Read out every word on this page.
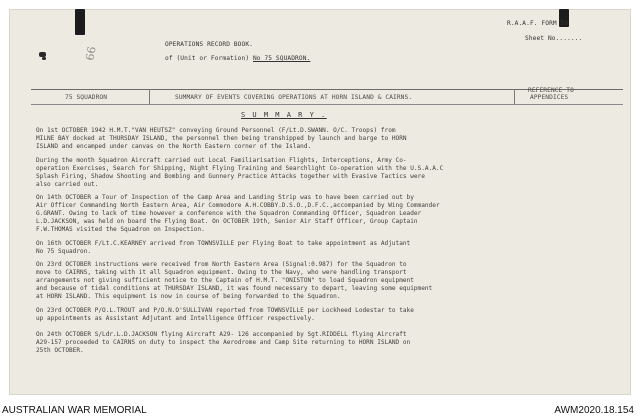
66
R.A.A.F. FORM 50
Sheet No.......
OPERATIONS RECORD BOOK.
of (Unit or Formation) No 75 SQUADRON.
75 SQUADRON	SUMMARY OF EVENTS COVERING OPERATIONS AT HORN ISLAND & CAIRNS.
REFERENCE TO
APPENDICES
S U M M A R Y .
On 1st OCTOBER 1942 H.M.T."VAN HEUTSZ" conveying Ground Personnel (F/Lt.D.SWANN. O/C. Troops) from
MILNE BAY docked at THURSDAY ISLAND, the personnel then being transhipped by launch and barge to HORN
ISLAND and encamped under canvas on the North Eastern corner of the Island.
During the month Squadron Aircraft carried out Local Familiarisation Flights, Interceptions, Army Co-
operation Exercises, Search for Shipping, Night Flying Training and Searchlight Co-operation with the U.S.A.A.C
Splash Firing, Shadow Shooting and Bombing and Gunnery Practice Attacks together with Evasive Tactics were
also carried out.
On 14th OCTOBER a Tour of Inspection of the Camp Area and Landing Strip was to have been carried out by
Air Officer Commanding North Eastern Area, Air Commodore A.H.COBBY.D.S.O.,D.F.C.,accompanied by Wing Commander
G.GRANT. Owing to lack of time however a conference with the Squadron Commanding Officer, Squadron Leader
L.D.JACKSON, was held on board the Flying Boat. On OCTOBER 19th, Senior Air Staff Officer, Group Captain
F.W.THOMAS visited the Squadron on Inspection.
On 16th OCTOBER F/Lt.C.KEARNEY arrived from TOWNSVILLE per Flying Boat to take appointment as Adjutant
No 75 Squadron.
On 23rd OCTOBER instructions were received from North Eastern Area (Signal:0.987) for the Squadron to
move to CAIRNS, taking with it all Squadron equipment. Owing to the Navy, who were handling transport
arrangements not giving sufficient notice to the Captain of H.M.T. "ONISTON" to load Squadron equipment
and because of tidal conditions at THURSDAY ISLAND, it was found necessary to depart, leaving some equipment
at HORN ISLAND. This equipment is now in course of being forwarded to the Squadron.
On 23rd OCTOBER P/O.L.TROUT and P/O.N.O'SULLIVAN reported from TOWNSVILLE per Lockheed Lodestar to take
up appointments as Assistant Adjutant and Intelligence Officer respectively.
On 24th OCTOBER S/Ldr.L.D.JACKSON flying Aircraft A29- 126 accompanied by Sgt.RIDDELL flying Aircraft
A29-157 proceeded to CAIRNS on duty to inspect the Aerodrome and Camp Site returning to HORN ISLAND on
25th OCTOBER.
AUSTRALIAN WAR MEMORIAL	AWM2020.18.154
